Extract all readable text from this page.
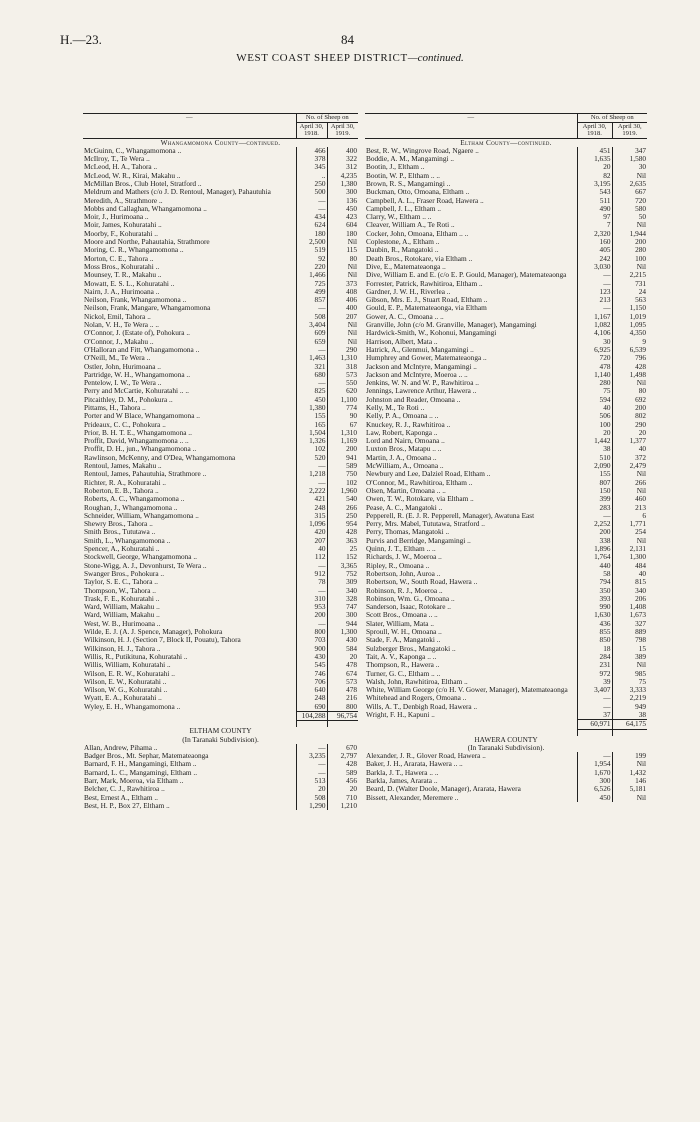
H.—23.	84
WEST COAST SHEEP DISTRICT—continued.
—	No. of Sheep on	
	April 30, 1918.	April 30, 1919.
Whangamomona County—continued.		
McGuinn, C., Whangamomona ..	466	400
McIlroy, T., Te Wera ..	378	322
McLeod, H. A., Tahora ..	345	312
McLeod, W. R., Kirai, Makahu ..	..	4,235
McMillan Bros., Club Hotel, Stratford ..	250	1,380
Meldrum and Mathers (c/o J. D. Rentoul, Manager), Pahautuhia	500	300
Meredith, A., Strathmore ..	—	136
Mobbs and Callaghan, Whangamomona ..	—	450
Moir, J., Hurimoana ..	434	423
Moir, James, Kohuratahi ..	624	604
Moorby, F., Kohuratahi ..	180	180
Moore and Northe, Pahautahia, Strathmore	2,500	Nil
Moring, C. R., Whangamomona ..	519	115
Morton, C. E., Tahora ..	92	80
Moss Bros., Kohuratahi ..	220	Nil
Mounsey, T. R., Makahu ..	1,466	Nil
Mowatt, E. S. L., Kohuratahi ..	725	373
Nairn, J. A., Hurimoana ..	499	408
Neilson, Frank, Whangamomona ..	857	406
Neilson, Frank, Mangare, Whangamomona	—	400
Nickol, Emil, Tahora ..	508	207
Nolan, V. H., Te Wera .. ..	3,404	Nil
O'Connor, J. (Estate of), Pohokura ..	609	Nil
O'Connor, J., Makahu ..	659	Nil
O'Halloran and Fitt, Whangamomona ..	—	290
O'Neill, M., Te Wera ..	1,463	1,310
Ostler, John, Hurimoana ..	321	318
Partridge, W. H., Whangamomona ..	680	573
Pentelow, I. W., Te Wera ..	—	550
Perry and McCartie, Kohuratahi .. ..	825	620
Pitcaithley, D. M., Pohokura ..	450	1,100
Pittams, H., Tahora ..	1,380	774
Porter and W Blace, Whangamomona ..	155	90
Prideaux, C. C., Pohokura ..	165	67
Prior, B. H. T. E., Whangamomona ..	1,504	1,310
Proffit, David, Whangamomona .. ..	1,326	1,169
Proffit, D. H., jun., Whangamomona ..	102	200
Rawlinson, McKenny, and O'Dea, Whangamomona	520	941
Rentoul, James, Makahu ..	—	589
Rentoul, James, Pahautuhia, Strathmore ..	1,218	750
Richter, R. A., Kohuratahi ..	—	102
Roberton, E. B., Tahora ..	2,222	1,960
Roberts, A. C., Whangamomona ..	421	540
Roughan, J., Whangamomona ..	248	266
Schneider, William, Whangamomona ..	315	250
Shewry Bros., Tahora ..	1,096	954
Smith Bros., Tututawa ..	420	428
Smith, L., Whangamomona ..	207	363
Spencer, A., Kohuratahi ..	40	25
Stockwell, George, Whangamomona ..	112	152
Stone-Wigg, A. J., Devonhurst, Te Wera ..	—	3,365
Swanger Bros., Pohokura ..	912	752
Taylor, S. E. C., Tahora ..	78	309
Thompson, W., Tahora ..	—	340
Trask, F. E., Kohuratahi ..	310	328
Ward, William, Makahu ..	953	747
Ward, William, Makahu ..	200	300
West, W. B., Hurimoana ..	—	944
Wilde, E. J. (A. J. Spence, Manager), Pohokura	800	1,300
Wilkinson, H. J. (Section 7, Block II, Pouatu), Tahora	703	430
Wilkinson, H. J., Tahora ..	900	584
Willis, R., Putikituna, Kohuratahi ..	430	20
Willis, William, Kohuratahi ..	545	478
Wilson, E. R. W., Kohuratahi ..	746	674
Wilson, E. W., Kohuratahi ..	706	573
Wilson, W. G., Kohuratahi ..	640	478
Wyatt, E. A., Kohuratahi ..	248	216
Wyley, E. H., Whangamomona ..	690	800
	104,288	96,754

ELTHAM COUNTY		
(In Taranaki Subdivision).		
Allan, Andrew, Pihama ..	—	670
Badger Bros., Mt. Sephar, Matemateaonga	3,235	2,797
Barnard, F. H., Mangamingi, Eltham ..	—	428
Barnard, L. C., Mangamingi, Eltham ..	—	589
Barr, Mark, Moeroa, via Eltham ..	513	456
Belcher, C. J., Rawhitiroa ..	20	20
Best, Ernest A., Eltham ..	508	710
Best, H. P., Box 27, Eltham ..	1,290	1,210
—	No. of Sheep on	
	April 30, 1918.	April 30, 1919.
Eltham County—continued.		
Best, R. W., Wingrove Road, Ngaere ..	451	347
Boddie, A. M., Mangamingi ..	1,635	1,580
Bootin, J., Eltham ..	20	30
Bootin, W. P., Eltham .. ..	82	Nil
Brown, R. S., Mangamingi ..	3,195	2,635
Buckman, Otto, Omoana, Eltham ..	543	667
Campbell, A. L., Fraser Road, Hawera ..	511	720
Campbell, J. L., Eltham ..	490	580
Clarry, W., Eltham .. ..	97	50
Cleaver, William A., Te Roti ..	7	Nil
Cocker, John, Omoana, Eltham .. ..	2,320	1,944
Coplestone, A., Eltham ..	160	200
Daubin, R., Mangatoki ..	405	280
Death Bros., Rotokare, via Eltham ..	242	100
Dive, E., Matemateaonga ..	3,030	Nil
Dive, William E. and E. (c/o E. P. Gould, Manager), Matemateaonga	—	2,215
Forrester, Patrick, Rawhitiroa, Eltham ..	—	731
Gardner, J. W. H., Riverlea ..	123	24
Gibson, Mrs. E. J., Stuart Road, Eltham ..	213	563
Gould, E. P., Matemateaonga, via Eltham	—	1,150
Gower, A. C., Omoana .. ..	1,167	1,019
Granville, John (c/o M. Granville, Manager), Mangamingi	1,082	1,095
Hardwick-Smith, W., Kohonui, Mangamingi	4,106	4,350
Harrison, Albert, Mata ..	30	9
Hatrick, A., Glenmui, Mangamingi ..	6,925	6,539
Humphrey and Gower, Matemateaonga ..	720	796
Jackson and McIntyre, Mangamingi ..	478	428
Jackson and McIntyre, Moeroa .. ..	1,140	1,498
Jenkins, W. N. and W. P., Rawhitiroa ..	280	Nil
Jennings, Lawrence Arthur, Hawera ..	75	80
Johnston and Reader, Omoana ..	594	692
Kelly, M., Te Roti ..	40	200
Kelly, P. A., Omoana .. ..	506	802
Knuckey, R. J., Rawhitiroa ..	100	290
Law, Robert, Kaponga ..	20	20
Lord and Nairn, Omoana ..	1,442	1,377
Luxton Bros., Matapu .. ..	38	40
Martin, J. A., Omoana ..	510	372
McWilliam, A., Omoana ..	2,090	2,479
Newbury and Lee, Dalziel Road, Eltham ..	155	Nil
O'Connor, M., Rawhitiroa, Eltham ..	807	266
Olsen, Martin, Omoana .. ..	150	Nil
Owen, T. W., Rotokare, via Eltham ..	399	460
Pease, A. C., Mangatoki ..	283	213
Pepperell, R. (E. J. R. Pepperell, Manager), Awatuna East	—	6
Perry, Mrs. Mabel, Tututawa, Stratford ..	2,252	1,771
Perry, Thomas, Mangatoki ..	200	254
Purvis and Berridge, Mangamingi ..	338	Nil
Quinn, J. T., Eltham .. ..	1,896	2,131
Richards, J. W., Moeroa ..	1,764	1,300
Ripley, R., Omoana ..	440	484
Robertson, John, Auroa ..	58	40
Robertson, W., South Road, Hawera ..	794	815
Robinson, R. J., Moeroa ..	350	340
Robinson, Wm. G., Omoana ..	393	206
Sanderson, Isaac, Rotokare ..	990	1,408
Scott Bros., Omoana .. ..	1,630	1,673
Slater, William, Mata ..	436	327
Sproull, W. H., Omoana ..	855	889
Stade, F. A., Mangatoki ..	850	798
Sulzberger Bros., Mangatoki ..	18	15
Tait, A. V., Kaponga .. ..	284	389
Thompson, R., Hawera ..	231	Nil
Turner, G. C., Eltham .. ..	972	985
Walsh, John, Rawhitiroa, Eltham ..	39	75
White, William George (c/o H. V. Gower, Manager), Matemateaonga	3,407	3,333
Whitehead and Rogers, Omoana ..	—	2,219
Wills, A. T., Denbigh Road, Hawera ..	—	949
Wright, F. H., Kapuni ..	37	38
	60,971	64,175

HAWERA COUNTY		
(In Taranaki Subdivision).		
Alexander, J. R., Glover Road, Hawera ..	—	199
Baker, J. H., Ararata, Hawera .. ..	1,954	Nil
Barkla, J. T., Hawera .. ..	1,670	1,432
Barkla, James, Ararata ..	300	146
Beard, D. (Walter Doole, Manager), Ararata, Hawera	6,526	5,181
Bissett, Alexander, Meremere ..	450	Nil
